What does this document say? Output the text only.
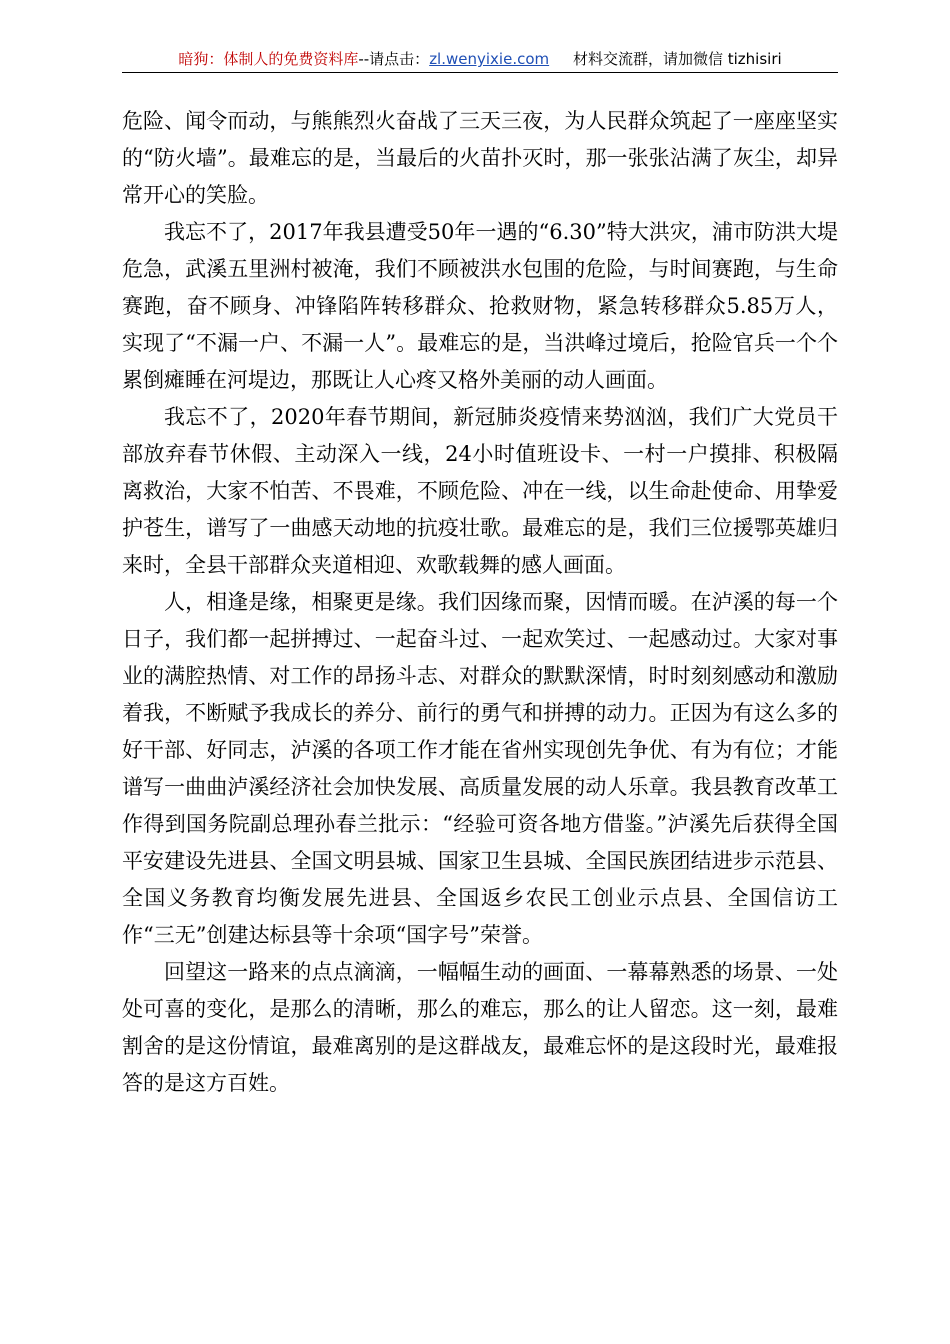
暗狗：体制人的免费资料库--请点击：zl.wenyixie.com 材料交流群，请加微信 tizhisiri

危险、闻令而动，与熊熊烈火奋战了三天三夜，为人民群众筑起了一座座坚实的“防火墙”。最难忘的是，当最后的火苗扑灭时，那一张张沾满了灰尘，却异常开心的笑脸。

我忘不了，2017年我县遭受50年一遇的“6.30”特大洪灾，浦市防洪大堤危急，武溪五里洲村被淹，我们不顾被洪水包围的危险，与时间赛跑，与生命赛跑，奋不顾身、冲锋陷阵转移群众、抢救财物，紧急转移群众5.85万人，实现了“不漏一户、不漏一人”。最难忘的是，当洪峰过境后，抢险官兵一个个累倒瘫睡在河堤边，那既让人心疼又格外美丽的动人画面。

我忘不了，2020年春节期间，新冠肺炎疫情来势汹汹，我们广大党员干部放弃春节休假、主动深入一线，24小时值班设卡、一村一户摸排、积极隔离救治，大家不怕苦、不畏难，不顾危险、冲在一线，以生命赴使命、用挚爱护苍生，谱写了一曲感天动地的抗疫壮歌。最难忘的是，我们三位援鄂英雄归来时，全县干部群众夹道相迎、欢歌载舞的感人画面。

人，相逢是缘，相聚更是缘。我们因缘而聚，因情而暖。在泸溪的每一个日子，我们都一起拼搏过、一起奋斗过、一起欢笑过、一起感动过。大家对事业的满腔热情、对工作的昂扬斗志、对群众的默默深情，时时刻刻感动和激励着我，不断赋予我成长的养分、前行的勇气和拼搏的动力。正因为有这么多的好干部、好同志，泸溪的各项工作才能在省州实现创先争优、有为有位；才能谱写一曲曲泸溪经济社会加快发展、高质量发展的动人乐章。我县教育改革工作得到国务院副总理孙春兰批示：“经验可资各地方借鉴。”泸溪先后获得全国平安建设先进县、全国文明县城、国家卫生县城、全国民族团结进步示范县、全国义务教育均衡发展先进县、全国返乡农民工创业示点县、全国信访工作“三无”创建达标县等十余项“国字号”荣誉。

回望这一路来的点点滴滴，一幅幅生动的画面、一幕幕熟悉的场景、一处处可喜的变化，是那么的清晰，那么的难忘，那么的让人留恋。这一刻，最难割舍的是这份情谊，最难离别的是这群战友，最难忘怀的是这段时光，最难报答的是这方百姓。
